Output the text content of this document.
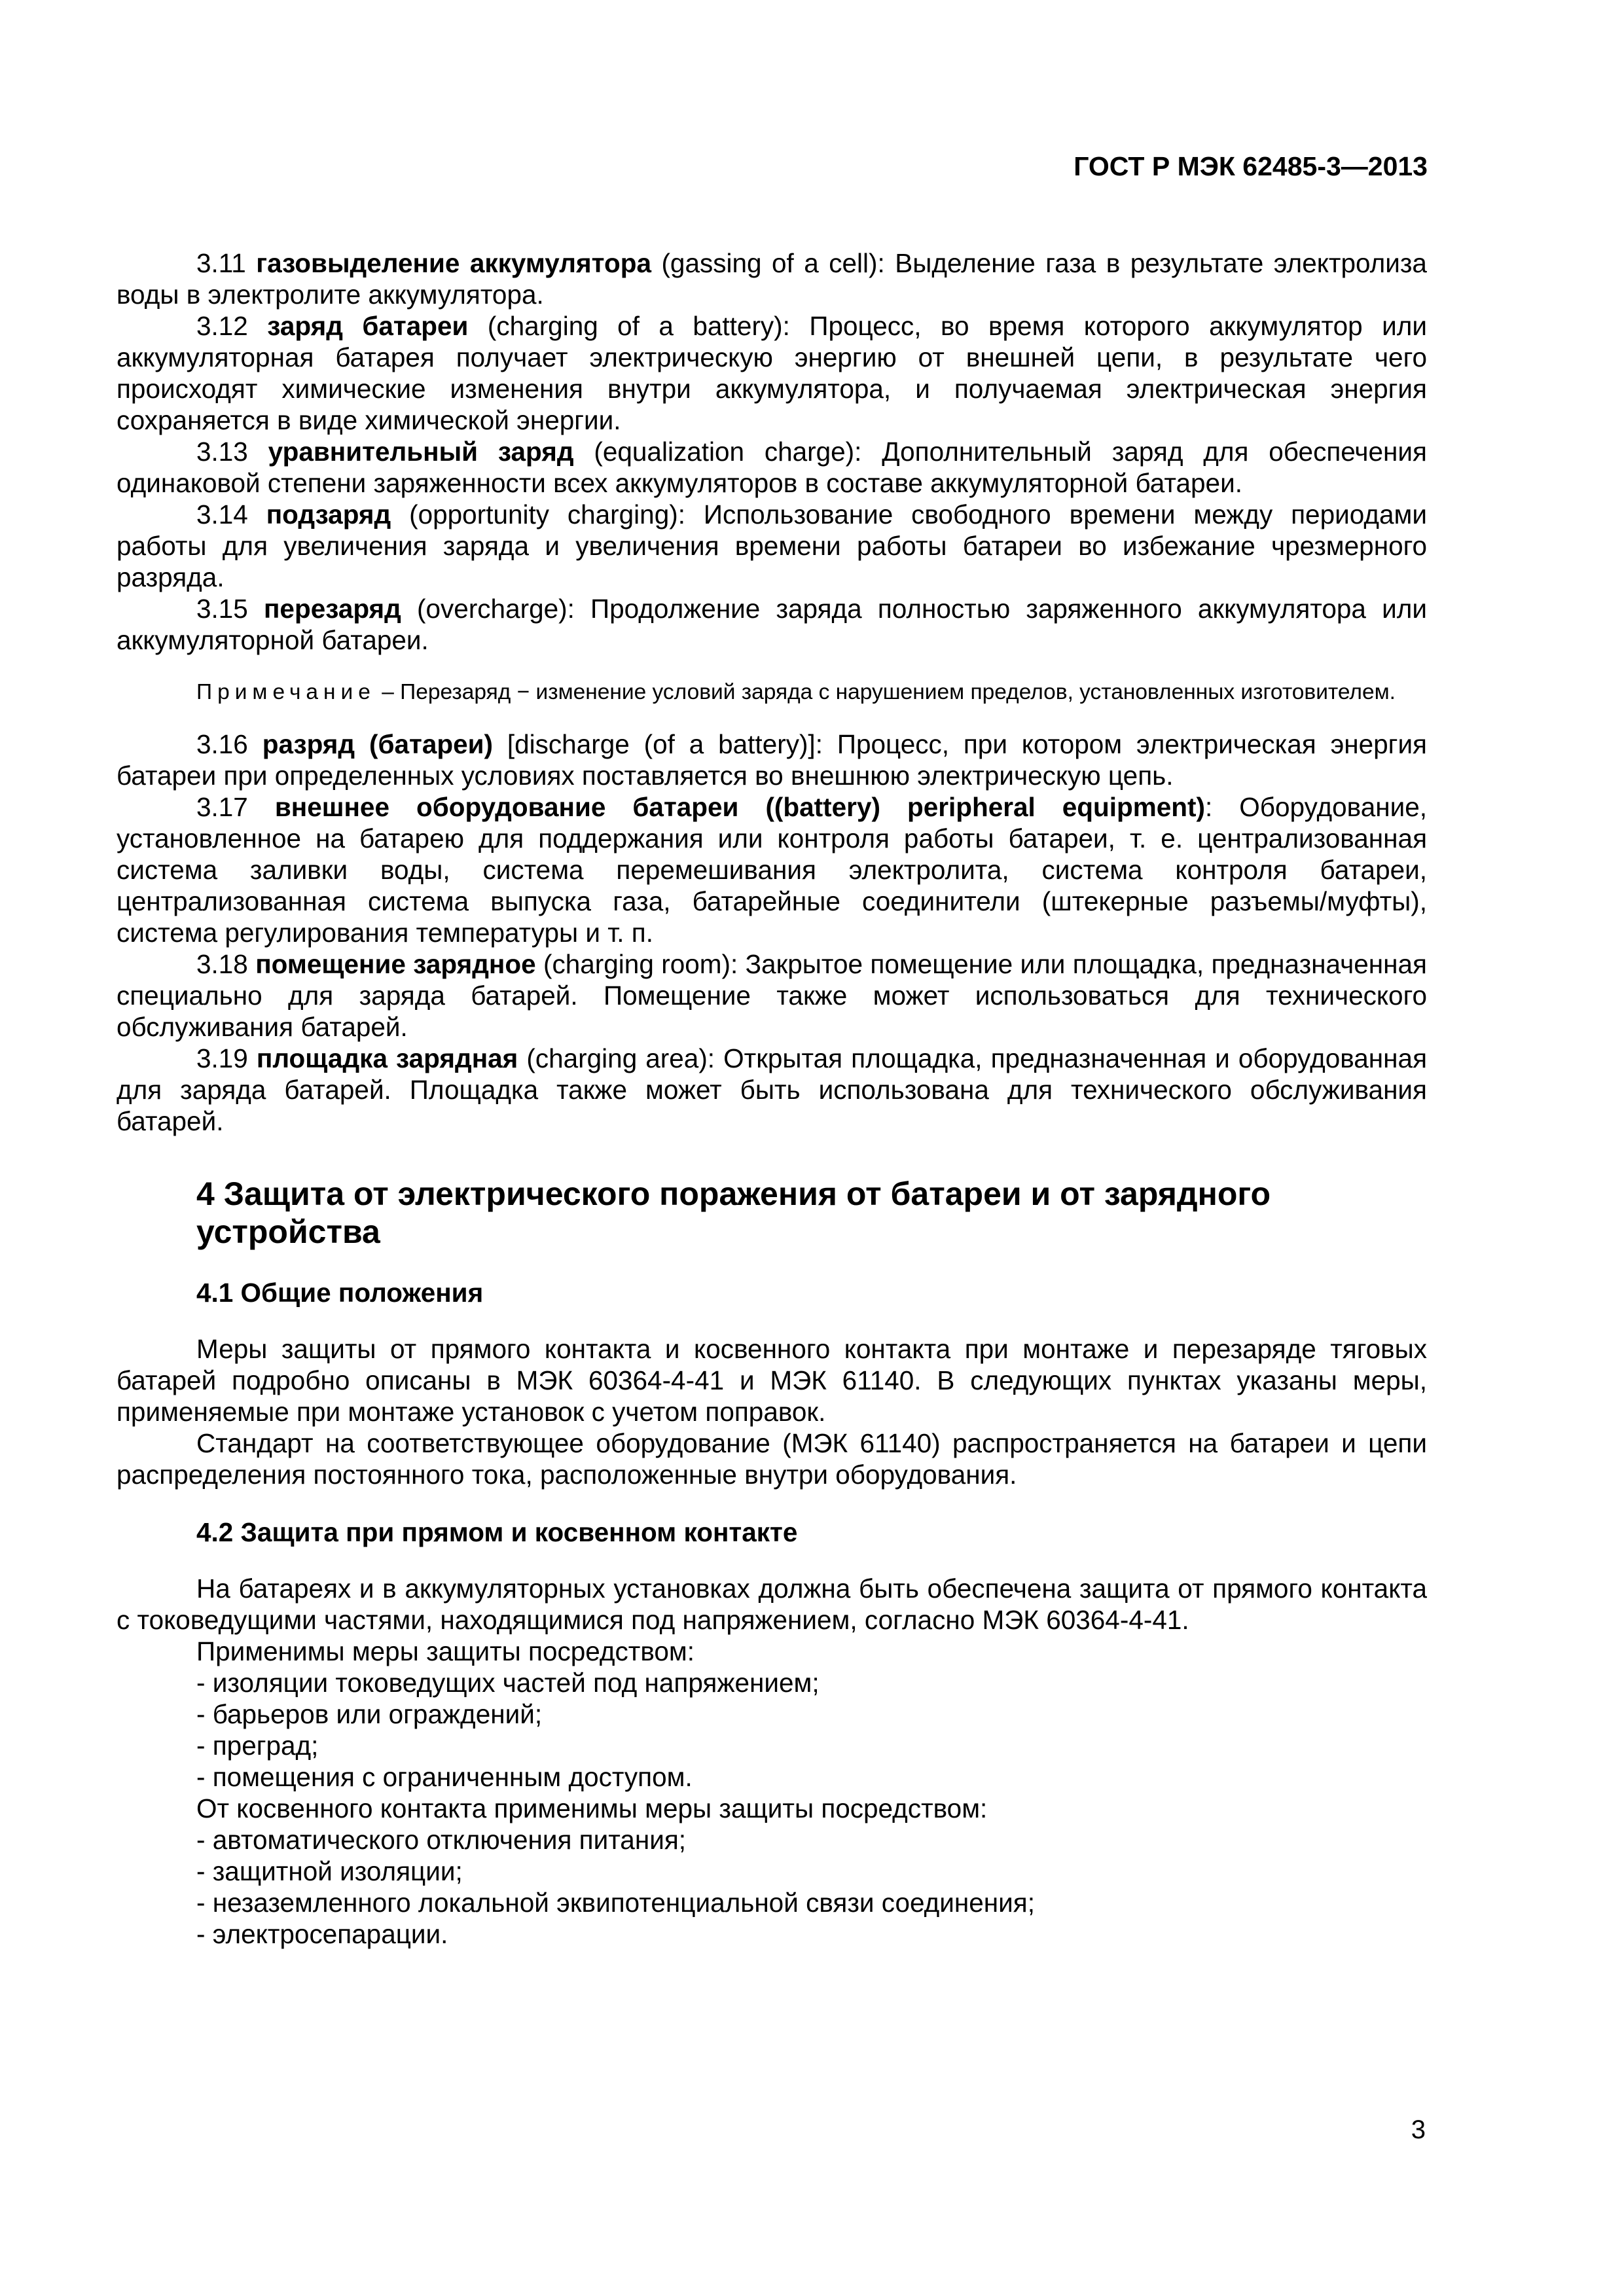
ГОСТ Р МЭК 62485-3—2013

3.11 газовыделение аккумулятора (gassing of a cell): Выделение газа в результате электролиза воды в электролите аккумулятора.

3.12 заряд батареи (charging of a battery): Процесс, во время которого аккумулятор или аккумуляторная батарея получает электрическую энергию от внешней цепи, в результате чего происходят химические изменения внутри аккумулятора, и получаемая электрическая энергия сохраняется в виде химической энергии.

3.13 уравнительный заряд (equalization charge): Дополнительный заряд для обеспечения одинаковой степени заряженности всех аккумуляторов в составе аккумуляторной батареи.

3.14 подзаряд (opportunity charging): Использование свободного времени между периодами работы для увеличения заряда и увеличения времени работы батареи во избежание чрезмерного разряда.

3.15 перезаряд (overcharge): Продолжение заряда полностью заряженного аккумулятора или аккумуляторной батареи.

Примечание – Перезаряд − изменение условий заряда с нарушением пределов, установленных изготовителем.

3.16 разряд (батареи) [discharge (of a battery)]: Процесс, при котором электрическая энергия батареи при определенных условиях поставляется во внешнюю электрическую цепь.

3.17 внешнее оборудование батареи ((battery) peripheral equipment): Оборудование, установленное на батарею для поддержания или контроля работы батареи, т. е. централизованная система заливки воды, система перемешивания электролита, система контроля батареи, централизованная система выпуска газа, батарейные соединители (штекерные разъемы/муфты), система регулирования температуры и т. п.

3.18 помещение зарядное (charging room): Закрытое помещение или площадка, предназначенная специально для заряда батарей. Помещение также может использоваться для технического обслуживания батарей.

3.19 площадка зарядная (charging area): Открытая площадка, предназначенная и оборудованная для заряда батарей. Площадка также может быть использована для технического обслуживания батарей.

4 Защита от электрического поражения от батареи и от зарядного устройства
4.1 Общие положения

Меры защиты от прямого контакта и косвенного контакта при монтаже и перезаряде тяговых батарей подробно описаны в МЭК 60364-4-41 и МЭК 61140. В следующих пунктах указаны меры, применяемые при монтаже установок с учетом поправок.

Стандарт на соответствующее оборудование (МЭК 61140) распространяется на батареи и цепи распределения постоянного тока, расположенные внутри оборудования.

4.2 Защита при прямом и косвенном контакте

На батареях и в аккумуляторных установках должна быть обеспечена защита от прямого контакта с токоведущими частями, находящимися под напряжением, согласно МЭК 60364-4-41.

Применимы меры защиты посредством:

- изоляции токоведущих частей под напряжением;

- барьеров или ограждений;

- преград;

- помещения с ограниченным доступом.

От косвенного контакта применимы меры защиты посредством:

- автоматического отключения питания;

- защитной изоляции;

- незаземленного локальной эквипотенциальной связи соединения;

- электросепарации.

3
